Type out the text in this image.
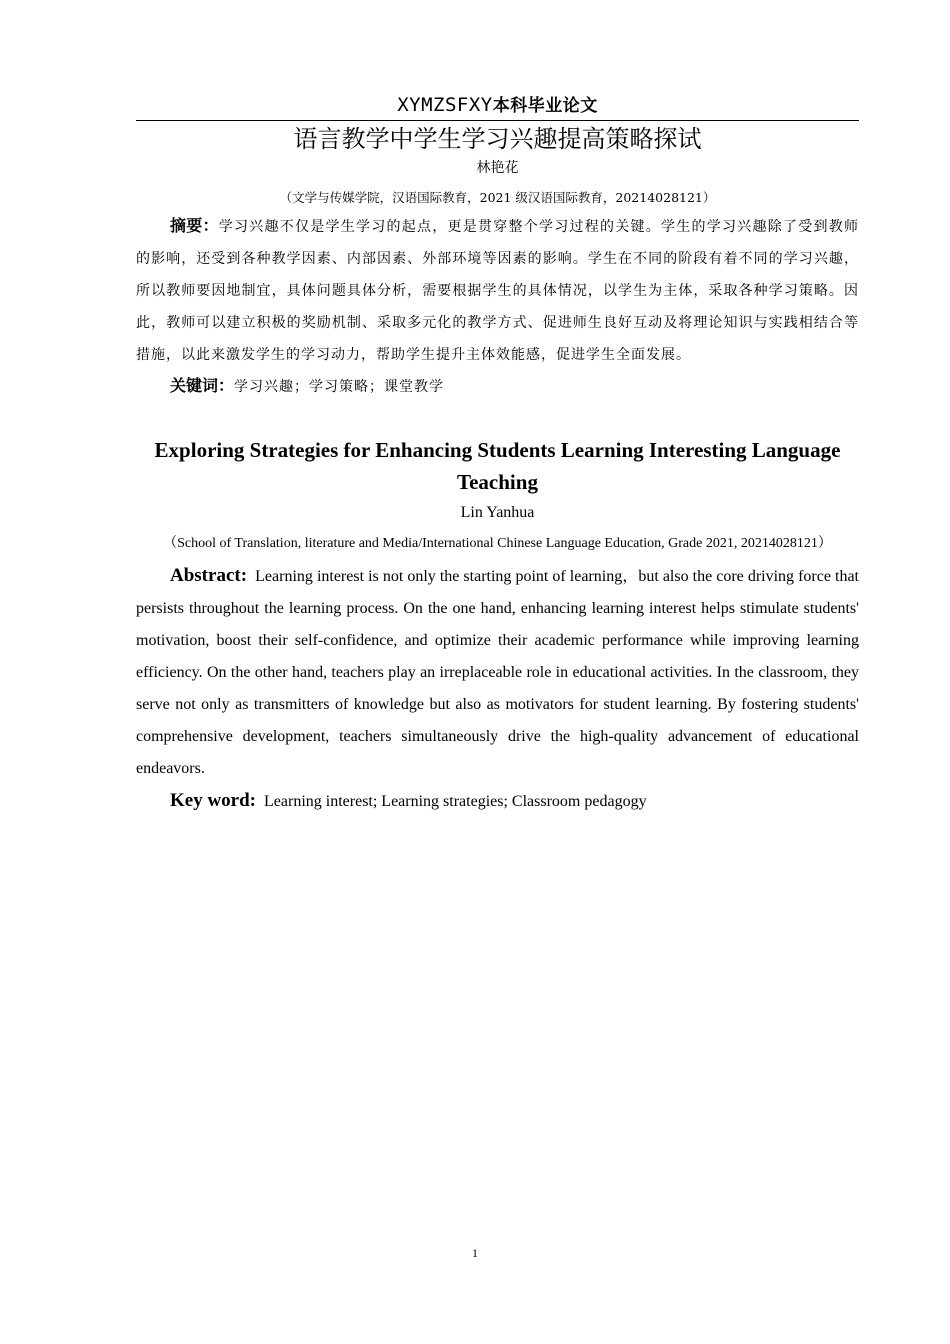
XYMZSFXY本科毕业论文
语言教学中学生学习兴趣提高策略探试
林艳花
（文学与传媒学院，汉语国际教育，2021 级汉语国际教育，20214028121）
摘要：学习兴趣不仅是学生学习的起点，更是贯穿整个学习过程的关键。学生的学习兴趣除了受到教师的影响，还受到各种教学因素、内部因素、外部环境等因素的影响。学生在不同的阶段有着不同的学习兴趣，所以教师要因地制宜，具体问题具体分析，需要根据学生的具体情况，以学生为主体，采取各种学习策略。因此，教师可以建立积极的奖励机制、采取多元化的教学方式、促进师生良好互动及将理论知识与实践相结合等措施，以此来激发学生的学习动力，帮助学生提升主体效能感，促进学生全面发展。
关键词：学习兴趣；学习策略；课堂教学
Exploring Strategies for Enhancing Students Learning Interesting Language Teaching
Lin Yanhua
（School of Translation, literature and Media/International Chinese Language Education, Grade 2021, 20214028121）
Abstract: Learning interest is not only the starting point of learning，but also the core driving force that persists throughout the learning process. On the one hand, enhancing learning interest helps stimulate students' motivation, boost their self-confidence, and optimize their academic performance while improving learning efficiency. On the other hand, teachers play an irreplaceable role in educational activities. In the classroom, they serve not only as transmitters of knowledge but also as motivators for student learning. By fostering students' comprehensive development, teachers simultaneously drive the high-quality advancement of educational endeavors.
Key word: Learning interest; Learning strategies; Classroom pedagogy
1
